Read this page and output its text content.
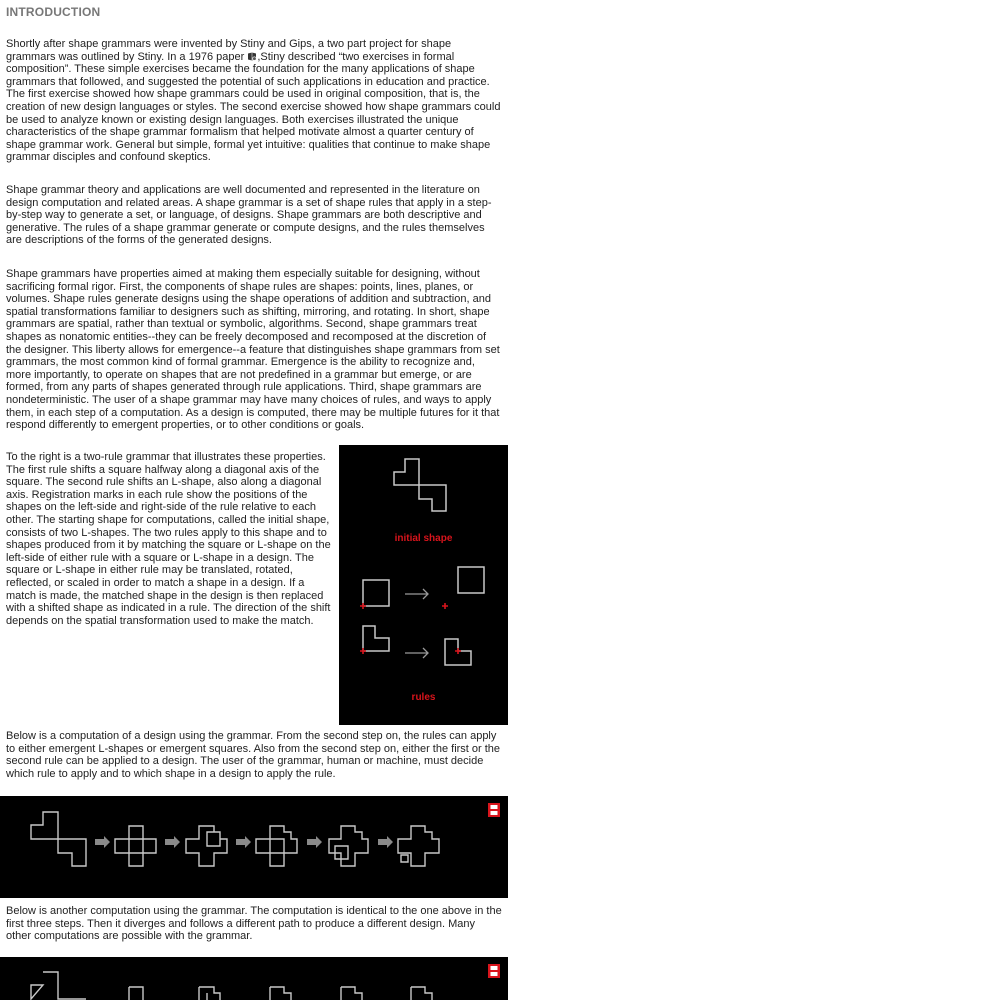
INTRODUCTION

Shortly after shape grammars were invented by Stiny and Gips, a two part project for shape grammars was outlined by Stiny. In a 1976 paper ,Stiny described “two exercises in formal composition”. These simple exercises became the foundation for the many applications of shape grammars that followed, and suggested the potential of such applications in education and practice. The first exercise showed how shape grammars could be used in original composition, that is, the creation of new design languages or styles. The second exercise showed how shape grammars could be used to analyze known or existing design languages. Both exercises illustrated the unique characteristics of the shape grammar formalism that helped motivate almost a quarter century of shape grammar work. General but simple, formal yet intuitive: qualities that continue to make shape grammar disciples and confound skeptics.

Shape grammar theory and applications are well documented and represented in the literature on design computation and related areas. A shape grammar is a set of shape rules that apply in a step-by-step way to generate a set, or language, of designs. Shape grammars are both descriptive and generative. The rules of a shape grammar generate or compute designs, and the rules themselves are descriptions of the forms of the generated designs.

Shape grammars have properties aimed at making them especially suitable for designing, without sacrificing formal rigor. First, the components of shape rules are shapes: points, lines, planes, or volumes. Shape rules generate designs using the shape operations of addition and subtraction, and spatial transformations familiar to designers such as shifting, mirroring, and rotating. In short, shape grammars are spatial, rather than textual or symbolic, algorithms. Second, shape grammars treat shapes as nonatomic entities--they can be freely decomposed and recomposed at the discretion of the designer. This liberty allows for emergence--a feature that distinguishes shape grammars from set grammars, the most common kind of formal grammar. Emergence is the ability to recognize and, more importantly, to operate on shapes that are not predefined in a grammar but emerge, or are formed, from any parts of shapes generated through rule applications. Third, shape grammars are nondeterministic. The user of a shape grammar may have many choices of rules, and ways to apply them, in each step of a computation. As a design is computed, there may be multiple futures for it that respond differently to emergent properties, or to other conditions or goals.

To the right is a two-rule grammar that illustrates these properties. The first rule shifts a square halfway along a diagonal axis of the square. The second rule shifts an L-shape, also along a diagonal axis. Registration marks in each rule show the positions of the shapes on the left-side and right-side of the rule relative to each other. The starting shape for computations, called the initial shape, consists of two L-shapes. The two rules apply to this shape and to shapes produced from it by matching the square or L-shape on the left-side of either rule with a square or L-shape in a design. The square or L-shape in either rule may be translated, rotated, reflected, or scaled in order to match a shape in a design. If a match is made, the matched shape in the design is then replaced with a shifted shape as indicated in a rule. The direction of the shift depends on the spatial transformation used to make the match.

initial shape
rules

Below is a computation of a design using the grammar. From the second step on, the rules can apply to either emergent L-shapes or emergent squares. Also from the second step on, either the first or the second rule can be applied to a design. The user of the grammar, human or machine, must decide which rule to apply and to which shape in a design to apply the rule.

Below is another computation using the grammar. The computation is identical to the one above in the first three steps. Then it diverges and follows a different path to produce a different design. Many other computations are possible with the grammar.
